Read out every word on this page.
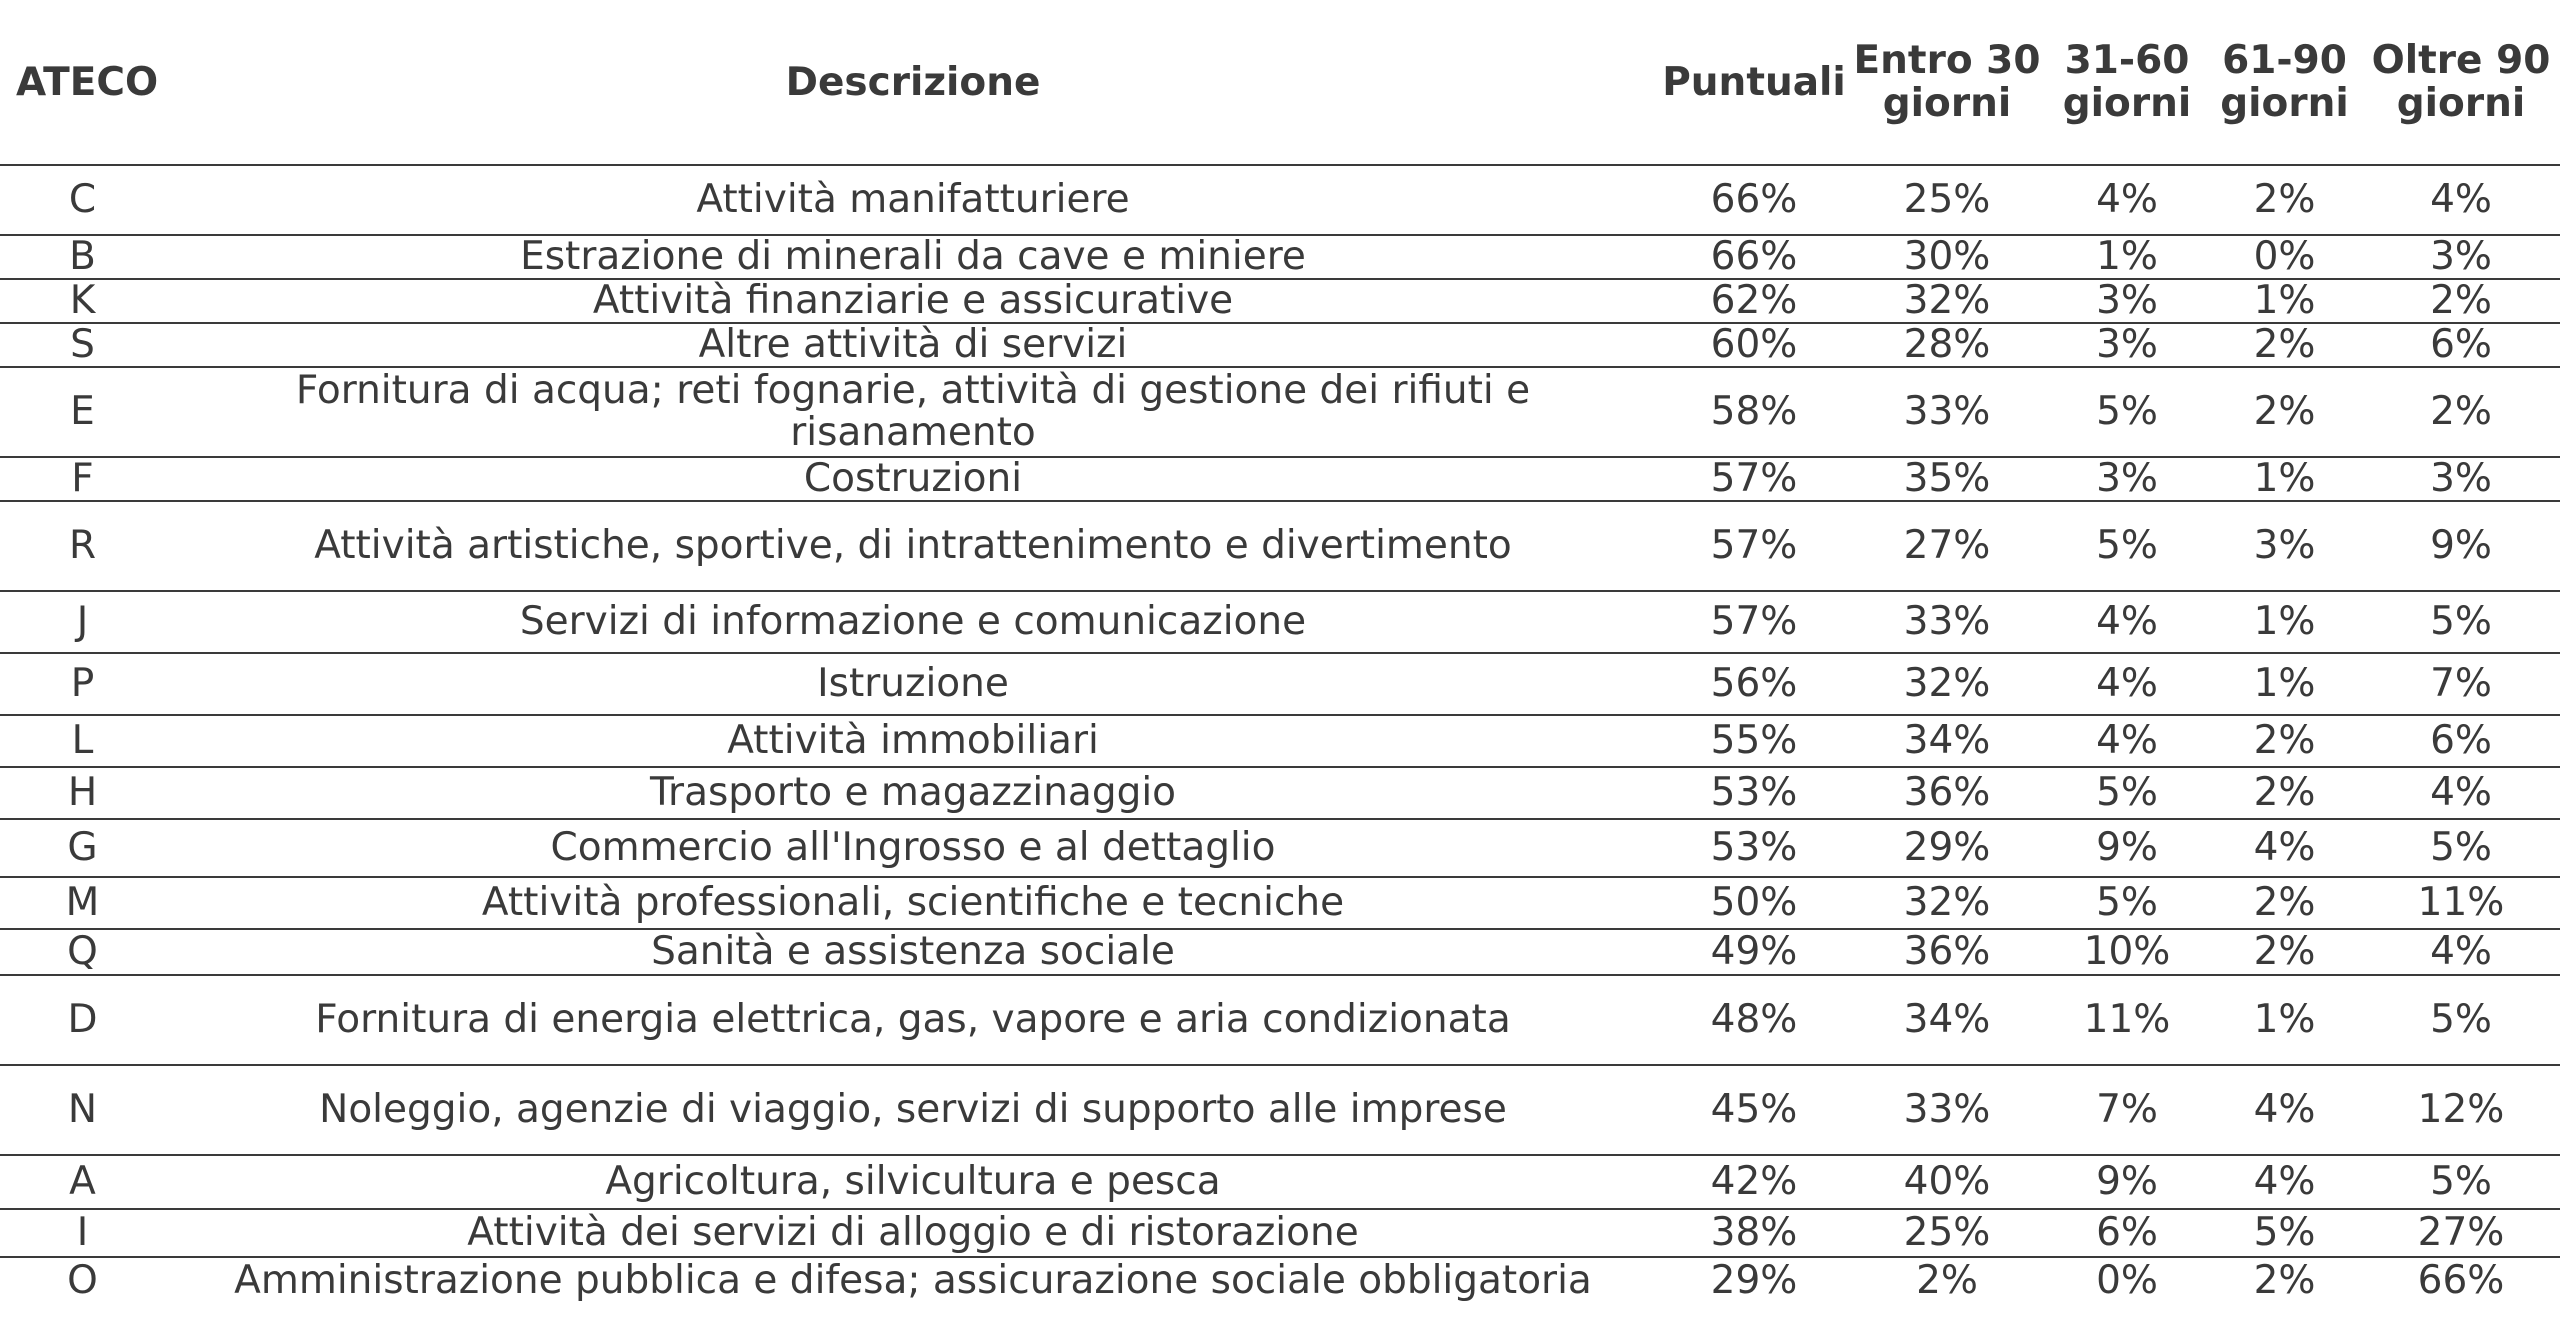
ATECO	Descrizione	Puntuali	Entro 30 giorni	31-60 giorni	61-90 giorni	Oltre 90 giorni
C	Attività manifatturiere	66%	25%	4%	2%	4%
B	Estrazione di minerali da cave e miniere	66%	30%	1%	0%	3%
K	Attività finanziarie e assicurative	62%	32%	3%	1%	2%
S	Altre attività di servizi	60%	28%	3%	2%	6%
E	Fornitura di acqua; reti fognarie, attività di gestione dei rifiuti e risanamento	58%	33%	5%	2%	2%
F	Costruzioni	57%	35%	3%	1%	3%
R	Attività artistiche, sportive, di intrattenimento e divertimento	57%	27%	5%	3%	9%
J	Servizi di informazione e comunicazione	57%	33%	4%	1%	5%
P	Istruzione	56%	32%	4%	1%	7%
L	Attività immobiliari	55%	34%	4%	2%	6%
H	Trasporto e magazzinaggio	53%	36%	5%	2%	4%
G	Commercio all'Ingrosso e al dettaglio	53%	29%	9%	4%	5%
M	Attività professionali, scientifiche e tecniche	50%	32%	5%	2%	11%
Q	Sanità e assistenza sociale	49%	36%	10%	2%	4%
D	Fornitura di energia elettrica, gas, vapore e aria condizionata	48%	34%	11%	1%	5%
N	Noleggio, agenzie di viaggio, servizi di supporto alle imprese	45%	33%	7%	4%	12%
A	Agricoltura, silvicultura e pesca	42%	40%	9%	4%	5%
I	Attività dei servizi di alloggio e di ristorazione	38%	25%	6%	5%	27%
O	Amministrazione pubblica e difesa; assicurazione sociale obbligatoria	29%	2%	0%	2%	66%
